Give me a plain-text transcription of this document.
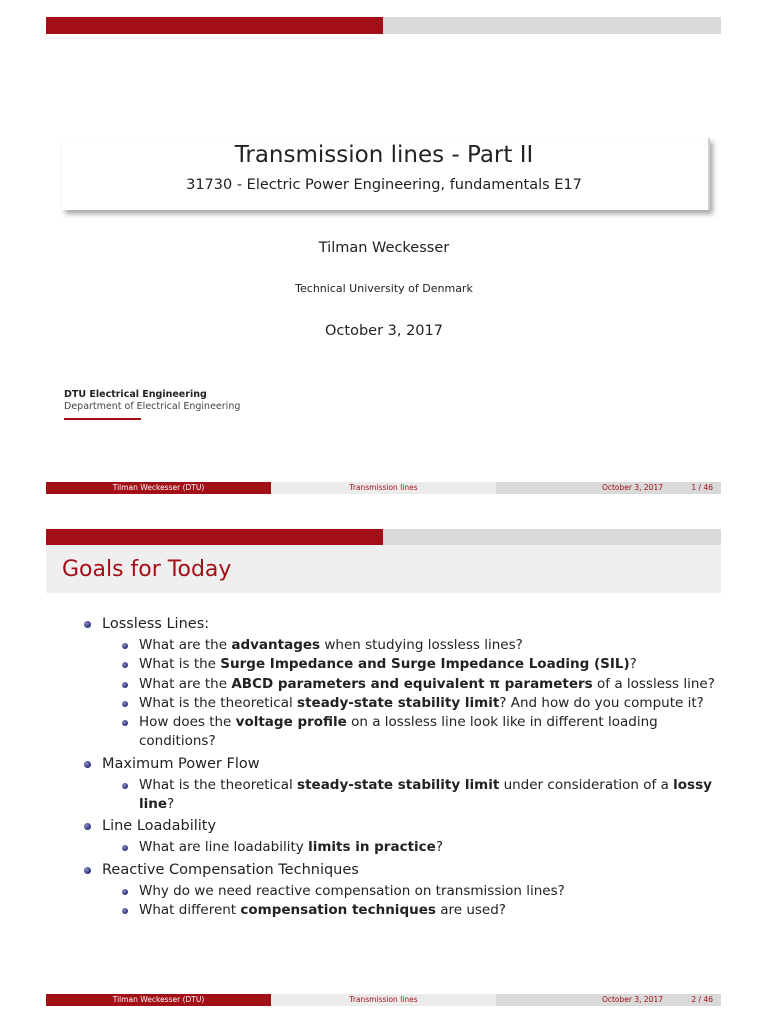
Transmission lines - Part II
31730 - Electric Power Engineering, fundamentals E17
Tilman Weckesser
Technical University of Denmark
October 3, 2017
DTU Electrical Engineering
Department of Electrical Engineering
Tilman Weckesser (DTU)	Transmission lines	October 3, 2017	1 / 46
Goals for Today
Lossless Lines:
What are the advantages when studying lossless lines?
What is the Surge Impedance and Surge Impedance Loading (SIL)?
What are the ABCD parameters and equivalent π parameters of a lossless line?
What is the theoretical steady-state stability limit? And how do you compute it?
How does the voltage profile on a lossless line look like in different loading conditions?
Maximum Power Flow
What is the theoretical steady-state stability limit under consideration of a lossy line?
Line Loadability
What are line loadability limits in practice?
Reactive Compensation Techniques
Why do we need reactive compensation on transmission lines?
What different compensation techniques are used?
Tilman Weckesser (DTU)	Transmission lines	October 3, 2017	2 / 46
